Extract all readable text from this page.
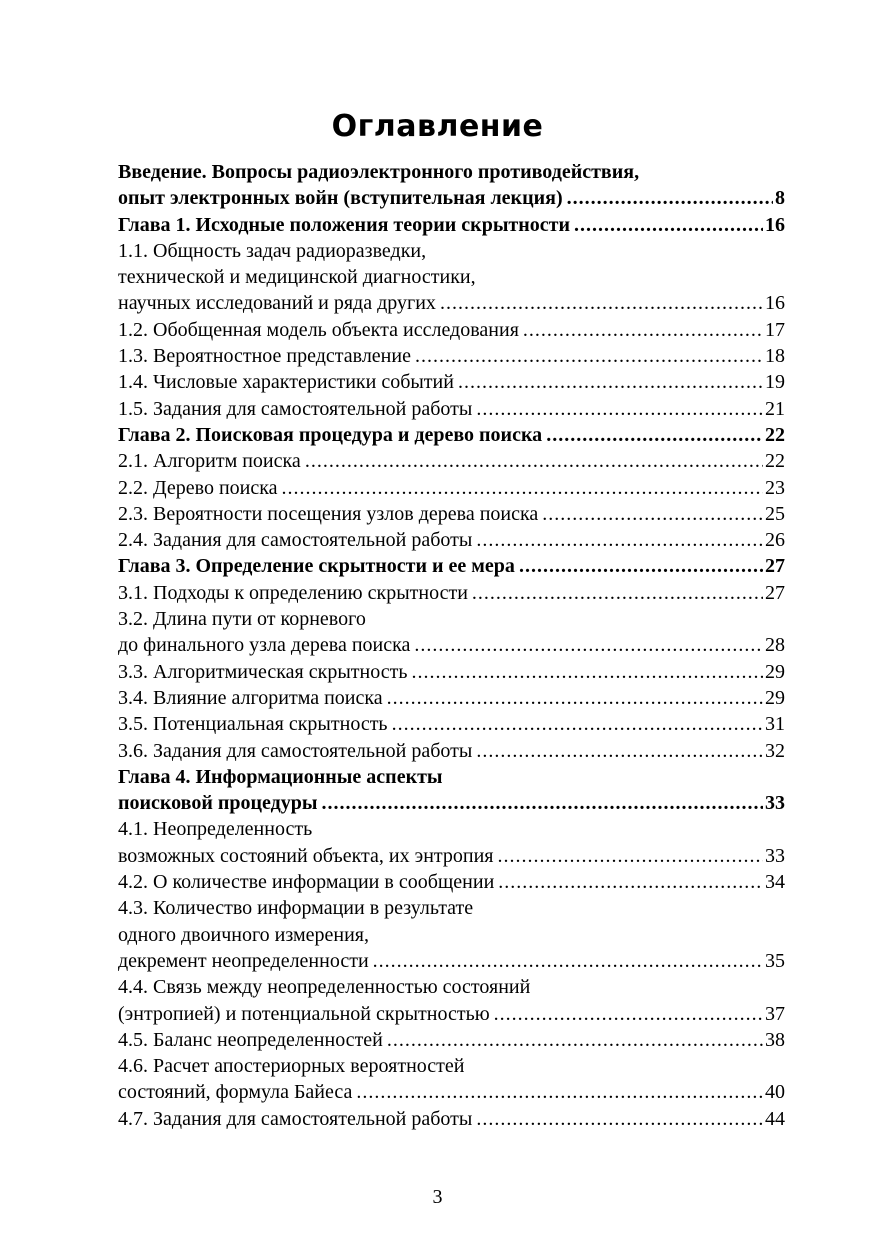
Оглавление
Введение. Вопросы радиоэлектронного противодействия,
опыт электронных войн (вступительная лекция) .....	8
Глава 1. Исходные положения теории скрытности .....	16
1.1. Общность задач радиоразведки,
технической и медицинской диагностики,
научных исследований и ряда других .....	16
1.2. Обобщенная модель объекта исследования .....	17
1.3. Вероятностное представление .....	18
1.4. Числовые характеристики событий .....	19
1.5. Задания для самостоятельной работы .....	21
Глава 2. Поисковая процедура и дерево поиска .....	22
2.1. Алгоритм поиска .....	22
2.2. Дерево поиска .....	23
2.3. Вероятности посещения узлов дерева поиска .....	25
2.4. Задания для самостоятельной работы .....	26
Глава 3. Определение скрытности и ее мера .....	27
3.1. Подходы к определению скрытности .....	27
3.2. Длина пути от корневого
до финального узла дерева поиска .....	28
3.3. Алгоритмическая скрытность .....	29
3.4. Влияние алгоритма поиска .....	29
3.5. Потенциальная скрытность .....	31
3.6. Задания для самостоятельной работы .....	32
Глава 4. Информационные аспекты
поисковой процедуры .....	33
4.1. Неопределенность
возможных состояний объекта, их энтропия .....	33
4.2. О количестве информации в сообщении .....	34
4.3. Количество информации в результате
одного двоичного измерения,
декремент неопределенности .....	35
4.4. Связь между неопределенностью состояний
(энтропией) и потенциальной скрытностью .....	37
4.5. Баланс неопределенностей .....	38
4.6. Расчет апостериорных вероятностей
состояний, формула Байеса .....	40
4.7. Задания для самостоятельной работы .....	44
3
